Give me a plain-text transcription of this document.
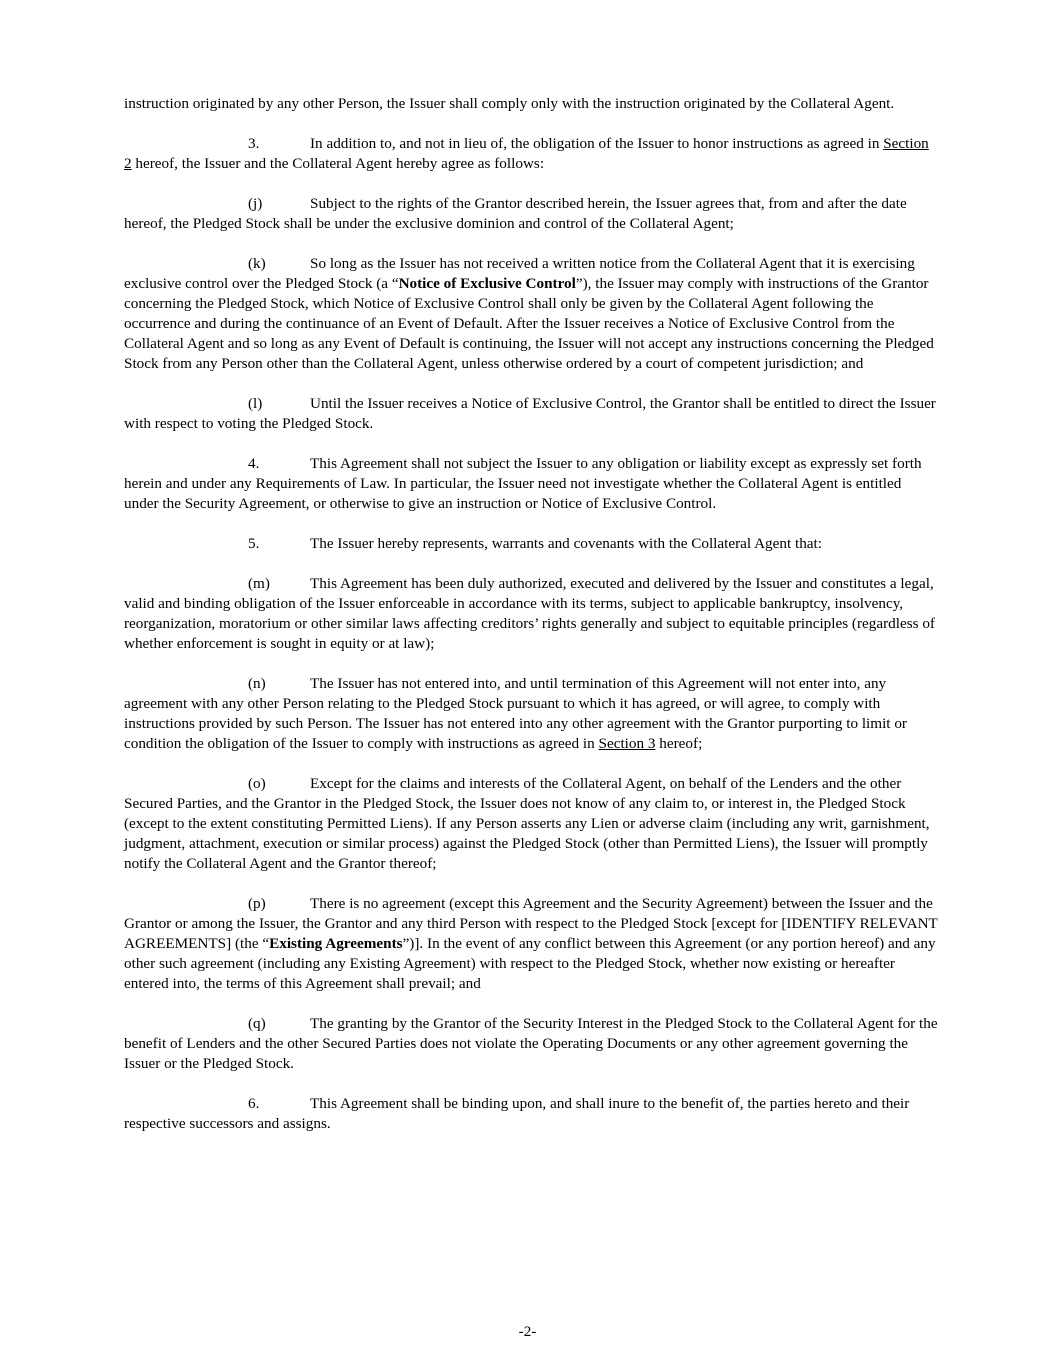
instruction originated by any other Person, the Issuer shall comply only with the instruction originated by the Collateral Agent.

3.	In addition to, and not in lieu of, the obligation of the Issuer to honor instructions as agreed in Section 2 hereof, the Issuer and the Collateral Agent hereby agree as follows:

(j)	Subject to the rights of the Grantor described herein, the Issuer agrees that, from and after the date hereof, the Pledged Stock shall be under the exclusive dominion and control of the Collateral Agent;

(k)	So long as the Issuer has not received a written notice from the Collateral Agent that it is exercising exclusive control over the Pledged Stock (a “Notice of Exclusive Control”), the Issuer may comply with instructions of the Grantor concerning the Pledged Stock, which Notice of Exclusive Control shall only be given by the Collateral Agent following the occurrence and during the continuance of an Event of Default. After the Issuer receives a Notice of Exclusive Control from the Collateral Agent and so long as any Event of Default is continuing, the Issuer will not accept any instructions concerning the Pledged Stock from any Person other than the Collateral Agent, unless otherwise ordered by a court of competent jurisdiction; and

(l)	Until the Issuer receives a Notice of Exclusive Control, the Grantor shall be entitled to direct the Issuer with respect to voting the Pledged Stock.

4.	This Agreement shall not subject the Issuer to any obligation or liability except as expressly set forth herein and under any Requirements of Law. In particular, the Issuer need not investigate whether the Collateral Agent is entitled under the Security Agreement, or otherwise to give an instruction or Notice of Exclusive Control.

5.	The Issuer hereby represents, warrants and covenants with the Collateral Agent that:

(m)	This Agreement has been duly authorized, executed and delivered by the Issuer and constitutes a legal, valid and binding obligation of the Issuer enforceable in accordance with its terms, subject to applicable bankruptcy, insolvency, reorganization, moratorium or other similar laws affecting creditors’ rights generally and subject to equitable principles (regardless of whether enforcement is sought in equity or at law);

(n)	The Issuer has not entered into, and until termination of this Agreement will not enter into, any agreement with any other Person relating to the Pledged Stock pursuant to which it has agreed, or will agree, to comply with instructions provided by such Person. The Issuer has not entered into any other agreement with the Grantor purporting to limit or condition the obligation of the Issuer to comply with instructions as agreed in Section 3 hereof;

(o)	Except for the claims and interests of the Collateral Agent, on behalf of the Lenders and the other Secured Parties, and the Grantor in the Pledged Stock, the Issuer does not know of any claim to, or interest in, the Pledged Stock (except to the extent constituting Permitted Liens). If any Person asserts any Lien or adverse claim (including any writ, garnishment, judgment, attachment, execution or similar process) against the Pledged Stock (other than Permitted Liens), the Issuer will promptly notify the Collateral Agent and the Grantor thereof;

(p)	There is no agreement (except this Agreement and the Security Agreement) between the Issuer and the Grantor or among the Issuer, the Grantor and any third Person with respect to the Pledged Stock [except for [IDENTIFY RELEVANT AGREEMENTS] (the “Existing Agreements”)]. In the event of any conflict between this Agreement (or any portion hereof) and any other such agreement (including any Existing Agreement) with respect to the Pledged Stock, whether now existing or hereafter entered into, the terms of this Agreement shall prevail; and

(q)	The granting by the Grantor of the Security Interest in the Pledged Stock to the Collateral Agent for the benefit of Lenders and the other Secured Parties does not violate the Operating Documents or any other agreement governing the Issuer or the Pledged Stock.

6.	This Agreement shall be binding upon, and shall inure to the benefit of, the parties hereto and their respective successors and assigns.

-2-
